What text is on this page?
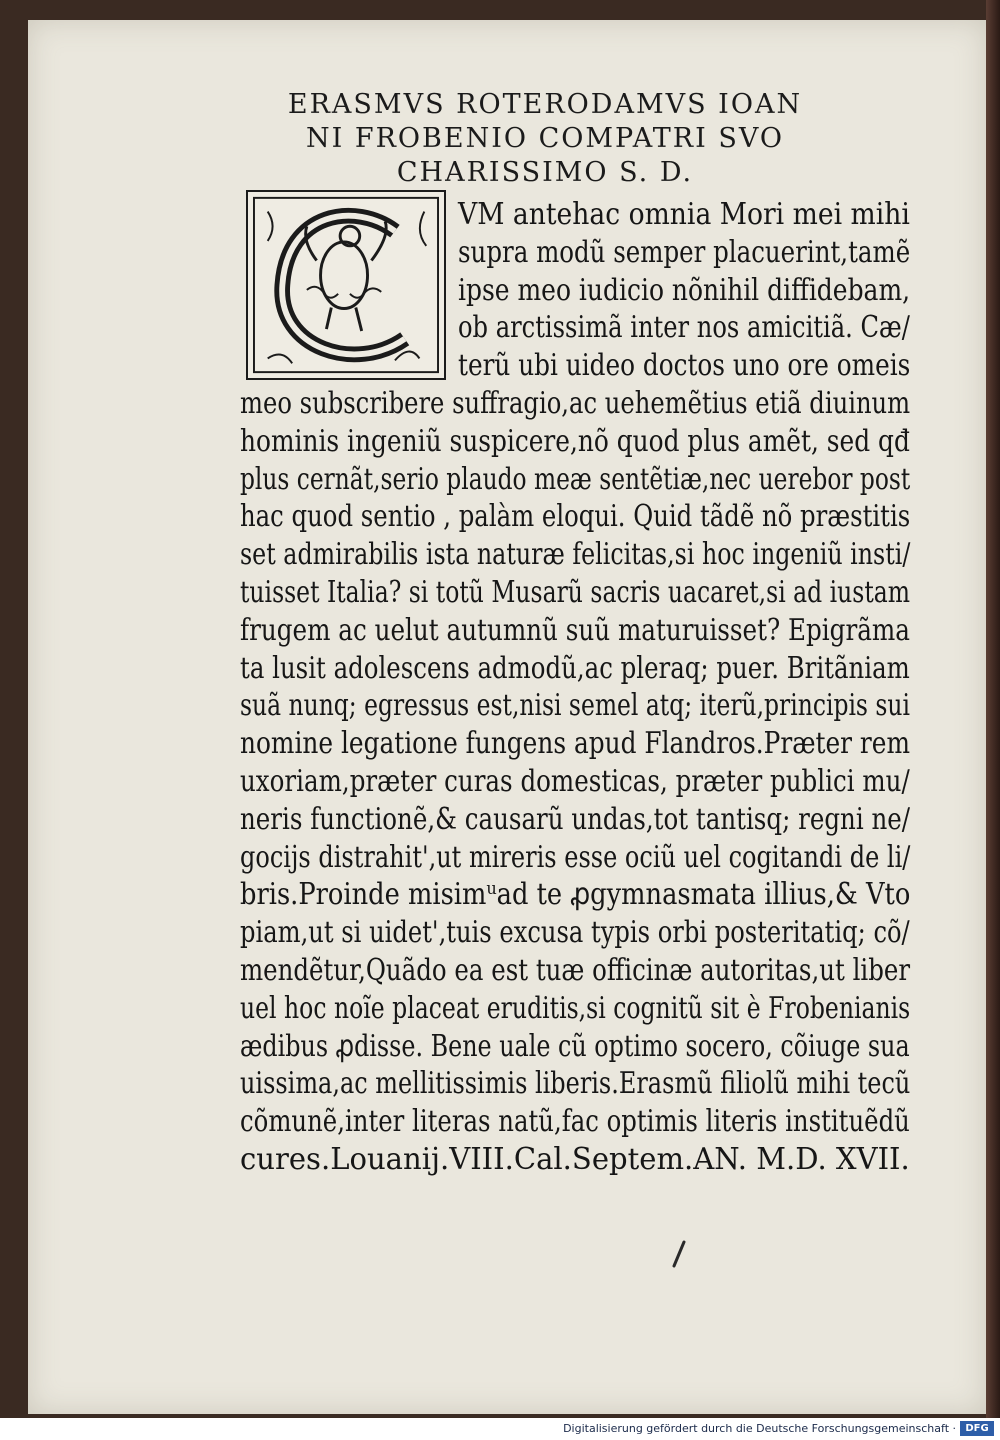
ERASMVS ROTERODAMVS IOAN
NI FROBENIO COMPATRI SVO
CHARISSIMO S. D.
VM antehac omnia Mori mei mihi
supra modũ semper placuerint,tamẽ
ipse meo iudicio nõnihil diffidebam,
ob arctissimã inter nos amicitiã. Cæ/
terũ ubi uideo doctos uno ore omeis
meo subscribere suffragio,ac uehemẽtius etiã diuinum
hominis ingeniũ suspicere,nõ quod plus amẽt, sed qđ
plus cernãt,serio plaudo meæ sentẽtiæ,nec uerebor post
hac quod sentio , palàm eloqui. Quid tãdẽ nõ præstitis
set admirabilis ista naturæ felicitas,si hoc ingeniũ insti/
tuisset Italia? si totũ Musarũ sacris uacaret,si ad iustam
frugem ac uelut autumnũ suũ maturuisset? Epigrãma
ta lusit adolescens admodũ,ac pleraq; puer. Britãniam
suã nunq; egressus est,nisi semel atq; iterũ,principis sui
nomine legatione fungens apud Flandros.Præter rem
uxoriam,præter curas domesticas, præter publici mu/
neris functionẽ,& causarũ undas,tot tantisq; regni ne/
gocijs distrahit',ut mireris esse ociũ uel cogitandi de li/
bris.Proinde misimᵘad te ꝓgymnasmata illius,& Vto
piam,ut si uidet',tuis excusa typis orbi posteritatiq; cõ/
mendẽtur,Quãdo ea est tuæ officinæ autoritas,ut liber
uel hoc noĩe placeat eruditis,si cognitũ sit è Frobenianis
ædibus ꝓdisse. Bene uale cũ optimo socero, cõiuge sua
uissima,ac mellitissimis liberis.Erasmũ filiolũ mihi tecũ
cõmunẽ,inter literas natũ,fac optimis literis instituẽdũ
cures.Louanij.VIII.Cal.Septem.AN. M.D. XVII.
Digitalisierung gefördert durch die Deutsche Forschungsgemeinschaft · DFG
